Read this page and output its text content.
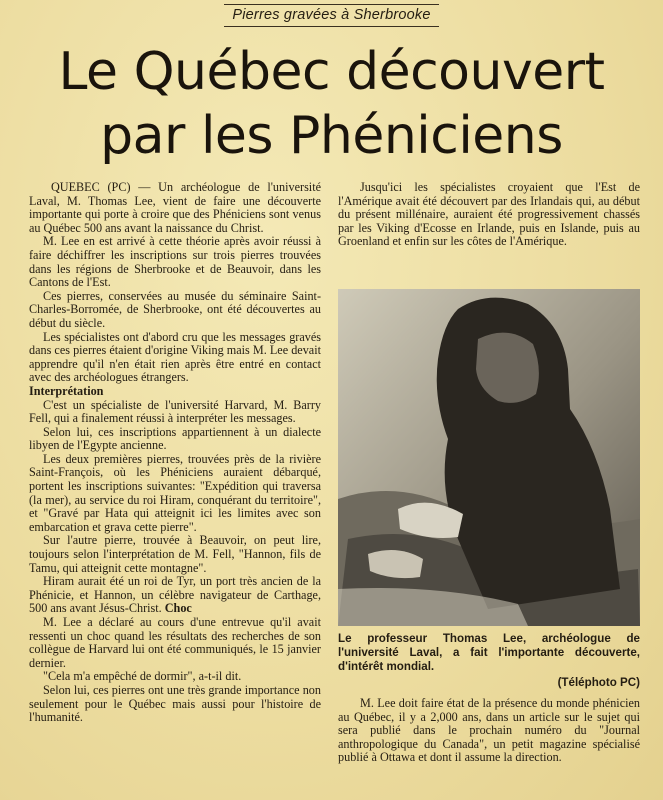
Pierres gravées à Sherbrooke
Le Québec découvert
par les Phéniciens

QUEBEC (PC) — Un archéologue de l'université Laval, M. Thomas Lee, vient de faire une découverte importante qui porte à croire que des Phéniciens sont venus au Québec 500 ans avant la naissance du Christ.

M. Lee en est arrivé à cette théorie après avoir réussi à faire déchiffrer les inscriptions sur trois pierres trouvées dans les régions de Sherbrooke et de Beauvoir, dans les Cantons de l'Est.

Ces pierres, conservées au musée du séminaire Saint-Charles-Borromée, de Sherbrooke, ont été découvertes au début du siècle.

Les spécialistes ont d'abord cru que les messages gravés dans ces pierres étaient d'origine Viking mais M. Lee devait apprendre qu'il n'en était rien après être entré en contact avec des archéologues étrangers.

Interprétation

C'est un spécialiste de l'université Harvard, M. Barry Fell, qui a finalement réussi à interpréter les messages.

Selon lui, ces inscriptions appartiennent à un dialecte libyen de l'Egypte ancienne.

Les deux premières pierres, trouvées près de la rivière Saint-François, où les Phéniciens auraient débarqué, portent les inscriptions suivantes: "Expédition qui traversa (la mer), au service du roi Hiram, conquérant du territoire", et "Gravé par Hata qui atteignit ici les limites avec son embarcation et grava cette pierre".

Sur l'autre pierre, trouvée à Beauvoir, on peut lire, toujours selon l'interprétation de M. Fell, "Hannon, fils de Tamu, qui atteignit cette montagne".

Hiram aurait été un roi de Tyr, un port très ancien de la Phénicie, et Hannon, un célèbre navigateur de Carthage, 500 ans avant Jésus-Christ. Choc

M. Lee a déclaré au cours d'une entrevue qu'il avait ressenti un choc quand les résultats des recherches de son collègue de Harvard lui ont été communiqués, le 15 janvier dernier.

"Cela m'a empêché de dormir", a-t-il dit.

Selon lui, ces pierres ont une très grande importance non seulement pour le Québec mais aussi pour l'histoire de l'humanité.

Jusqu'ici les spécialistes croyaient que l'Est de l'Amérique avait été découvert par des Irlandais qui, au début du présent millénaire, auraient été progressivement chassés par les Viking d'Ecosse en Irlande, puis en Islande, puis au Groenland et enfin sur les côtes de l'Amérique.

Le professeur Thomas Lee, archéologue de l'université Laval, a fait l'importante découverte, d'intérêt mondial.
(Téléphoto PC)

M. Lee doit faire état de la présence du monde phénicien au Québec, il y a 2,000 ans, dans un article sur le sujet qui sera publié dans le prochain numéro du "Journal anthropologique du Canada", un petit magazine spécialisé publié à Ottawa et dont il assume la direction.
